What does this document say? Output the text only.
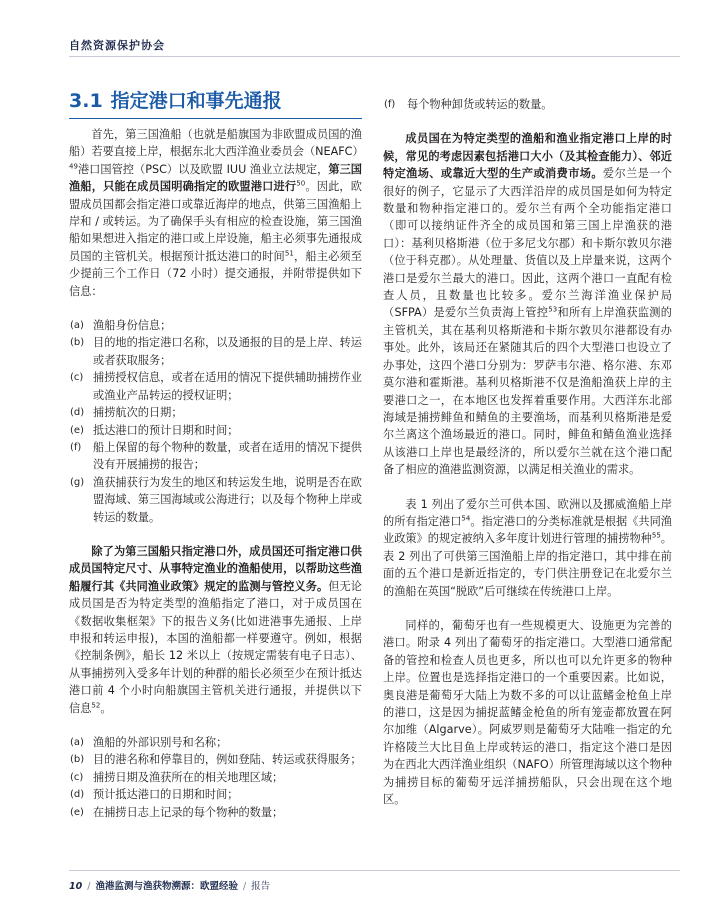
自然资源保护协会
3.1 指定港口和事先通报

首先，第三国渔船（也就是船旗国为非欧盟成员国的渔船）若要直接上岸，根据东北大西洋渔业委员会（NEAFC）$^{49}$港口国管控（PSC）以及欧盟 IUU 渔业立法规定，第三国渔船，只能在成员国明确指定的欧盟港口进行$^{50}$。因此，欧盟成员国都会指定港口或靠近海岸的地点，供第三国渔船上岸和 / 或转运。为了确保手头有相应的检查设施，第三国渔船如果想进入指定的港口或上岸设施，船主必须事先通报成员国的主管机关。根据预计抵达港口的时间$^{51}$，船主必须至少提前三个工作日（72 小时）提交通报，并附带提供如下信息：

(a) 渔船身份信息；
(b) 目的地的指定港口名称，以及通报的目的是上岸、转运或者获取服务；
(c) 捕捞授权信息，或者在适用的情况下提供辅助捕捞作业或渔业产品转运的授权证明；
(d) 捕捞航次的日期；
(e) 抵达港口的预计日期和时间；
(f) 船上保留的每个物种的数量，或者在适用的情况下提供没有开展捕捞的报告；
(g) 渔获捕获行为发生的地区和转运发生地，说明是否在欧盟海域、第三国海域或公海进行；以及每个物种上岸或转运的数量。

除了为第三国船只指定港口外，成员国还可指定港口供成员国特定尺寸、从事特定渔业的渔船使用，以帮助这些渔船履行其《共同渔业政策》规定的监测与管控义务。但无论成员国是否为特定类型的渔船指定了港口，对于成员国在《数据收集框架》下的报告义务(比如进港事先通报、上岸申报和转运申报)，本国的渔船都一样要遵守。例如，根据《控制条例》，船长 12 米以上（按规定需装有电子日志）、从事捕捞列入受多年计划的种群的船长必须至少在预计抵达港口前 4 个小时向船旗国主管机关进行通报，并提供以下信息$^{52}$。

(a) 渔船的外部识别号和名称；
(b) 目的港名称和停靠目的，例如登陆、转运或获得服务；
(c) 捕捞日期及渔获所在的相关地理区域；
(d) 预计抵达港口的日期和时间；
(e) 在捕捞日志上记录的每个物种的数量；
(f) 每个物种卸货或转运的数量。

成员国在为特定类型的渔船和渔业指定港口上岸的时候，常见的考虑因素包括港口大小（及其检查能力）、邻近特定渔场、或靠近大型的生产或消费市场。爱尔兰是一个很好的例子，它显示了大西洋沿岸的成员国是如何为特定数量和物种指定港口的。爱尔兰有两个全功能指定港口（即可以接纳证件齐全的成员国和第三国上岸渔获的港口）：基利贝格斯港（位于多尼戈尔郡）和卡斯尔敦贝尔港（位于科克郡）。从处理量、货值以及上岸量来说，这两个港口是爱尔兰最大的港口。因此，这两个港口一直配有检查人员，且数量也比较多。爱尔兰海洋渔业保护局（SFPA）是爱尔兰负责海上管控$^{53}$和所有上岸渔获监测的主管机关，其在基利贝格斯港和卡斯尔敦贝尔港都设有办事处。此外，该局还在紧随其后的四个大型港口也设立了办事处，这四个港口分别为：罗萨韦尔港、格尔港、东邓莫尔港和霍斯港。基利贝格斯港不仅是渔船渔获上岸的主要港口之一，在本地区也发挥着重要作用。大西洋东北部海域是捕捞鲱鱼和鲭鱼的主要渔场，而基利贝格斯港是爱尔兰离这个渔场最近的港口。同时，鲱鱼和鲭鱼渔业选择从该港口上岸也是最经济的，所以爱尔兰就在这个港口配备了相应的渔港监测资源，以满足相关渔业的需求。

表 1 列出了爱尔兰可供本国、欧洲以及挪威渔船上岸的所有指定港口$^{54}$。指定港口的分类标准就是根据《共同渔业政策》的规定被纳入多年度计划进行管理的捕捞物种$^{55}$。表 2 列出了可供第三国渔船上岸的指定港口，其中排在前面的五个港口是新近指定的，专门供注册登记在北爱尔兰的渔船在英国“脱欧”后可继续在传统港口上岸。

同样的，葡萄牙也有一些规模更大、设施更为完善的港口。附录 4 列出了葡萄牙的指定港口。大型港口通常配备的管控和检查人员也更多，所以也可以允许更多的物种上岸。位置也是选择指定港口的一个重要因素。比如说，奥良港是葡萄牙大陆上为数不多的可以让蓝鳍金枪鱼上岸的港口，这是因为捕捉蓝鳍金枪鱼的所有笼壶都放置在阿尔加维（Algarve）。阿威罗则是葡萄牙大陆唯一指定的允许格陵兰大比目鱼上岸或转运的港口，指定这个港口是因为在西北大西洋渔业组织（NAFO）所管理海域以这个物种为捕捞目标的葡萄牙远洋捕捞船队，只会出现在这个地区。

10 / 渔港监测与渔获物溯源：欧盟经验 / 报告
